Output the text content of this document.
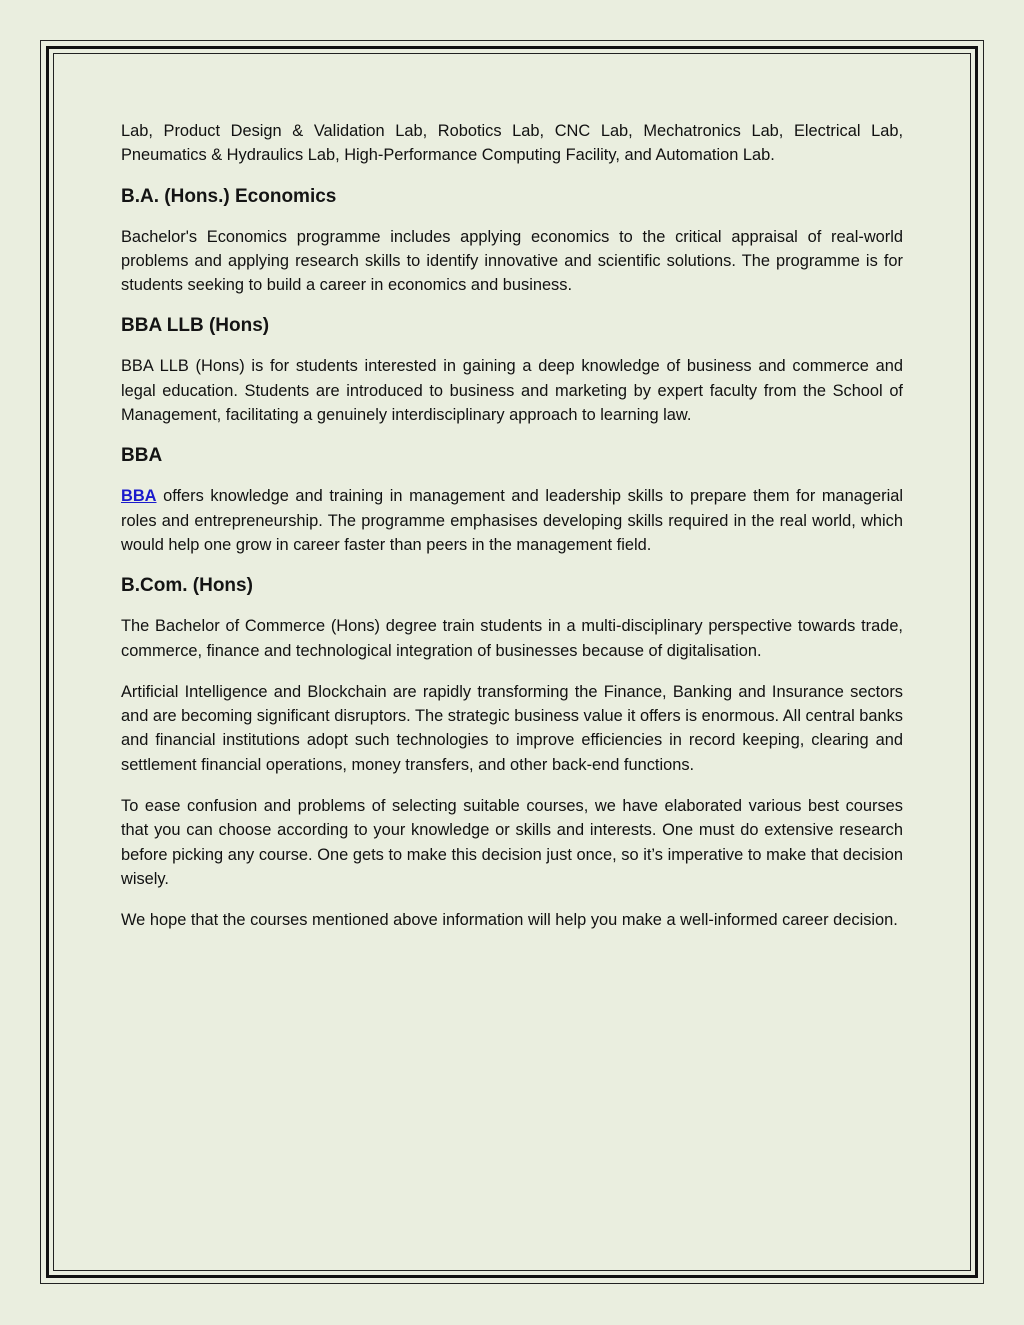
Lab, Product Design & Validation Lab, Robotics Lab, CNC Lab, Mechatronics Lab, Electrical Lab, Pneumatics & Hydraulics Lab, High-Performance Computing Facility, and Automation Lab.

B.A. (Hons.) Economics

Bachelor's Economics programme includes applying economics to the critical appraisal of real-world problems and applying research skills to identify innovative and scientific solutions. The programme is for students seeking to build a career in economics and business.

BBA LLB (Hons)

BBA LLB (Hons) is for students interested in gaining a deep knowledge of business and commerce and legal education. Students are introduced to business and marketing by expert faculty from the School of Management, facilitating a genuinely interdisciplinary approach to learning law.

BBA

BBA offers knowledge and training in management and leadership skills to prepare them for managerial roles and entrepreneurship. The programme emphasises developing skills required in the real world, which would help one grow in career faster than peers in the management field.

B.Com. (Hons)

The Bachelor of Commerce (Hons) degree train students in a multi-disciplinary perspective towards trade, commerce, finance and technological integration of businesses because of digitalisation.

Artificial Intelligence and Blockchain are rapidly transforming the Finance, Banking and Insurance sectors and are becoming significant disruptors. The strategic business value it offers is enormous. All central banks and financial institutions adopt such technologies to improve efficiencies in record keeping, clearing and settlement financial operations, money transfers, and other back-end functions.

To ease confusion and problems of selecting suitable courses, we have elaborated various best courses that you can choose according to your knowledge or skills and interests. One must do extensive research before picking any course. One gets to make this decision just once, so it’s imperative to make that decision wisely.

We hope that the courses mentioned above information will help you make a well-informed career decision.
